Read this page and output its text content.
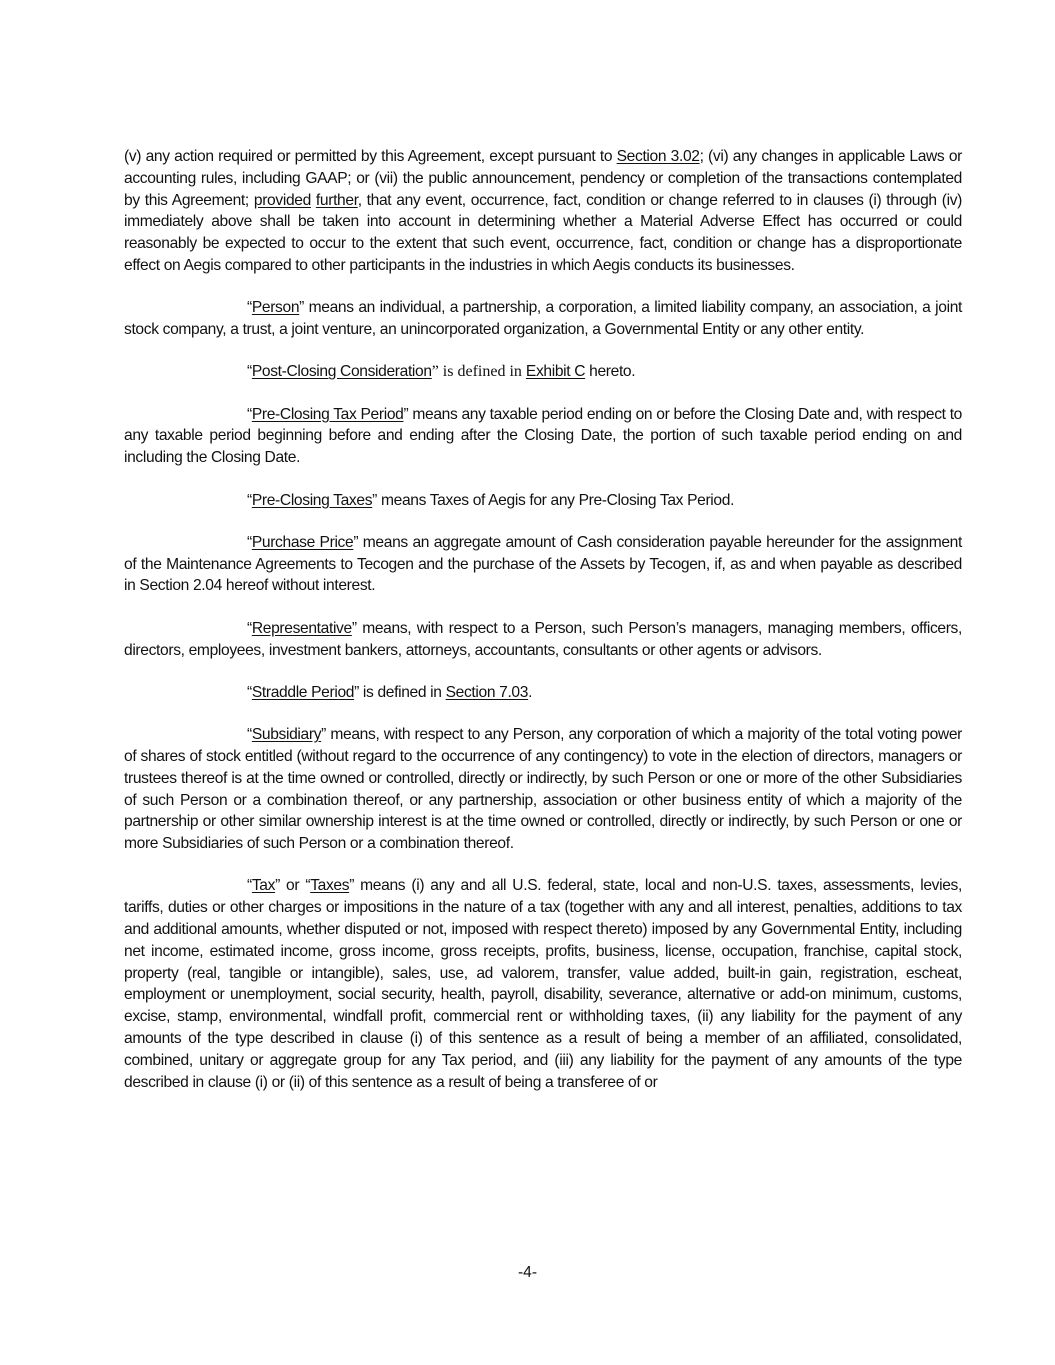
(v) any action required or permitted by this Agreement, except pursuant to Section 3.02; (vi) any changes in applicable Laws or accounting rules, including GAAP; or (vii) the public announcement, pendency or completion of the transactions contemplated by this Agreement; provided further, that any event, occurrence, fact, condition or change referred to in clauses (i) through (iv) immediately above shall be taken into account in determining whether a Material Adverse Effect has occurred or could reasonably be expected to occur to the extent that such event, occurrence, fact, condition or change has a disproportionate effect on Aegis compared to other participants in the industries in which Aegis conducts its businesses.

“Person” means an individual, a partnership, a corporation, a limited liability company, an association, a joint stock company, a trust, a joint venture, an unincorporated organization, a Governmental Entity or any other entity.

“Post-Closing Consideration” is defined in Exhibit C hereto.

“Pre-Closing Tax Period” means any taxable period ending on or before the Closing Date and, with respect to any taxable period beginning before and ending after the Closing Date, the portion of such taxable period ending on and including the Closing Date.

“Pre-Closing Taxes” means Taxes of Aegis for any Pre-Closing Tax Period.

“Purchase Price” means an aggregate amount of Cash consideration payable hereunder for the assignment of the Maintenance Agreements to Tecogen and the purchase of the Assets by Tecogen, if, as and when payable as described in Section 2.04 hereof without interest.

“Representative” means, with respect to a Person, such Person’s managers, managing members, officers, directors, employees, investment bankers, attorneys, accountants, consultants or other agents or advisors.

“Straddle Period” is defined in Section 7.03.

“Subsidiary” means, with respect to any Person, any corporation of which a majority of the total voting power of shares of stock entitled (without regard to the occurrence of any contingency) to vote in the election of directors, managers or trustees thereof is at the time owned or controlled, directly or indirectly, by such Person or one or more of the other Subsidiaries of such Person or a combination thereof, or any partnership, association or other business entity of which a majority of the partnership or other similar ownership interest is at the time owned or controlled, directly or indirectly, by such Person or one or more Subsidiaries of such Person or a combination thereof.

“Tax” or “Taxes” means (i) any and all U.S. federal, state, local and non-U.S. taxes, assessments, levies, tariffs, duties or other charges or impositions in the nature of a tax (together with any and all interest, penalties, additions to tax and additional amounts, whether disputed or not, imposed with respect thereto) imposed by any Governmental Entity, including net income, estimated income, gross income, gross receipts, profits, business, license, occupation, franchise, capital stock, property (real, tangible or intangible), sales, use, ad valorem, transfer, value added, built-in gain, registration, escheat, employment or unemployment, social security, health, payroll, disability, severance, alternative or add-on minimum, customs, excise, stamp, environmental, windfall profit, commercial rent or withholding taxes, (ii) any liability for the payment of any amounts of the type described in clause (i) of this sentence as a result of being a member of an affiliated, consolidated, combined, unitary or aggregate group for any Tax period, and (iii) any liability for the payment of any amounts of the type described in clause (i) or (ii) of this sentence as a result of being a transferee of or

-4-
